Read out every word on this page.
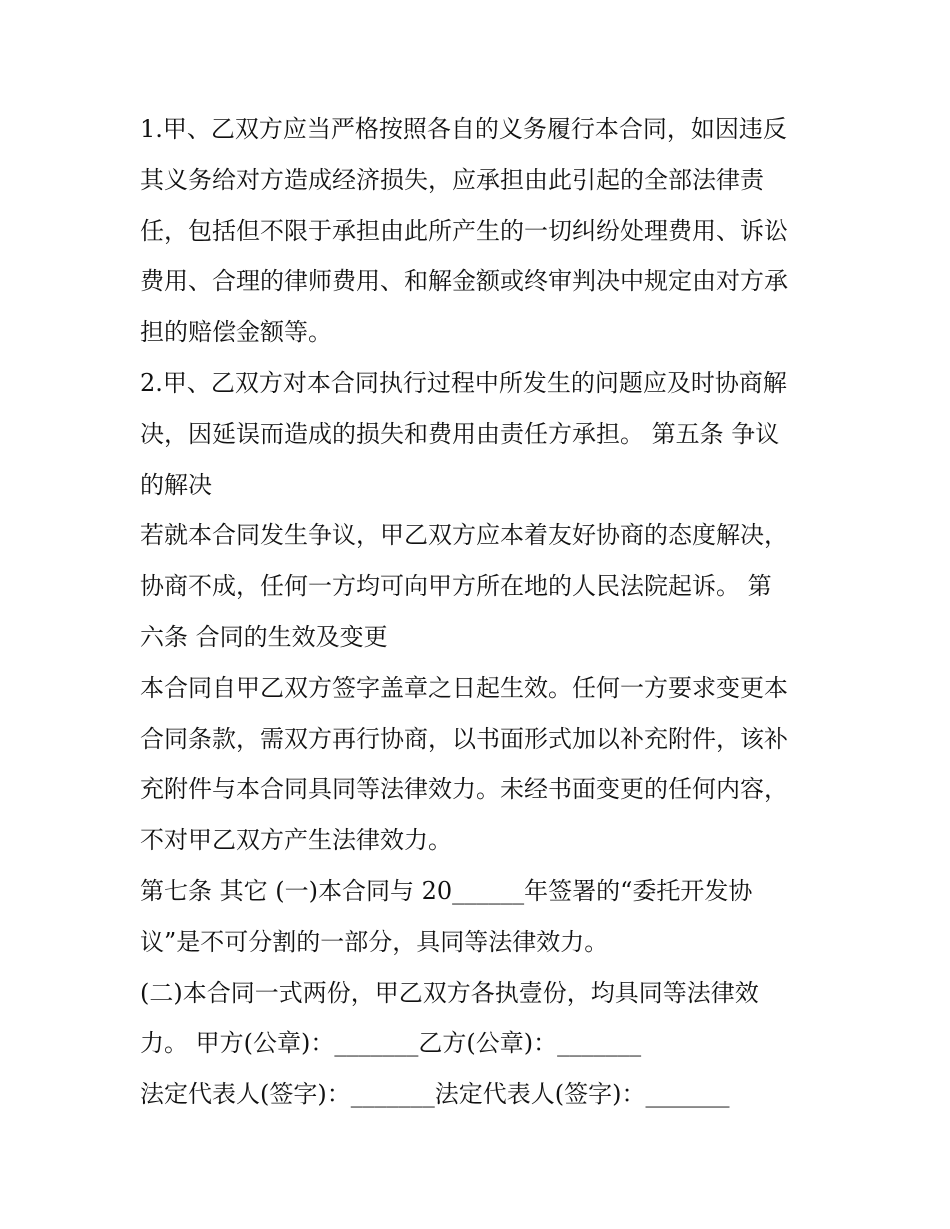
1.甲、乙双方应当严格按照各自的义务履行本合同，如因违反
其义务给对方造成经济损失，应承担由此引起的全部法律责
任，包括但不限于承担由此所产生的一切纠纷处理费用、诉讼
费用、合理的律师费用、和解金额或终审判决中规定由对方承
担的赔偿金额等。
2.甲、乙双方对本合同执行过程中所发生的问题应及时协商解
决，因延误而造成的损失和费用由责任方承担。 第五条 争议
的解决
若就本合同发生争议，甲乙双方应本着友好协商的态度解决，
协商不成，任何一方均可向甲方所在地的人民法院起诉。 第
六条 合同的生效及变更
本合同自甲乙双方签字盖章之日起生效。任何一方要求变更本
合同条款，需双方再行协商，以书面形式加以补充附件，该补
充附件与本合同具同等法律效力。未经书面变更的任何内容，
不对甲乙双方产生法律效力。
第七条 其它 (一)本合同与 20______年签署的“委托开发协
议”是不可分割的一部分，具同等法律效力。
(二)本合同一式两份，甲乙双方各执壹份，均具同等法律效
力。 甲方(公章)：_______乙方(公章)：_______
法定代表人(签字)：_______法定代表人(签字)：_______
